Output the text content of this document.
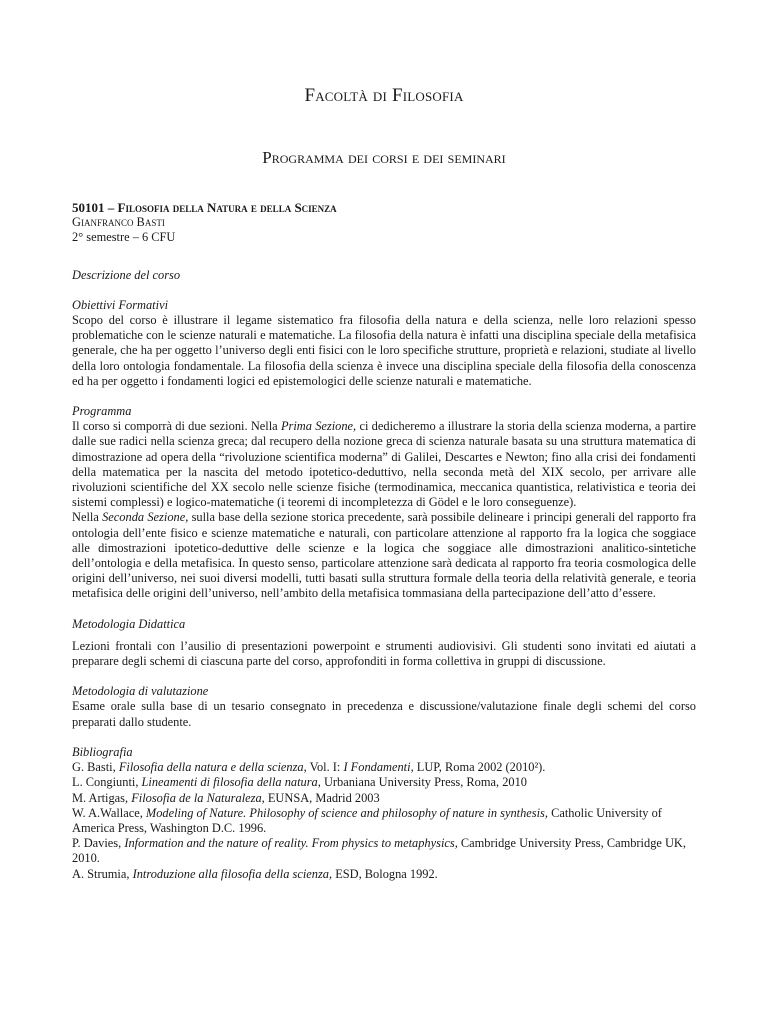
Facoltà di Filosofia
Programma dei corsi e dei seminari
50101 – Filosofia della Natura e della Scienza
Gianfranco Basti
2° semestre – 6 CFU
Descrizione del corso
Obiettivi Formativi

Scopo del corso è illustrare il legame sistematico fra filosofia della natura e della scienza, nelle loro relazioni spesso problematiche con le scienze naturali e matematiche. La filosofia della natura è infatti una disciplina speciale della metafisica generale, che ha per oggetto l’universo degli enti fisici con le loro specifiche strutture, proprietà e relazioni, studiate al livello della loro ontologia fondamentale. La filosofia della scienza è invece una disciplina speciale della filosofia della conoscenza ed ha per oggetto i fondamenti logici ed epistemologici delle scienze naturali e matematiche.

Programma

Il corso si comporrà di due sezioni. Nella Prima Sezione, ci dedicheremo a illustrare la storia della scienza moderna, a partire dalle sue radici nella scienza greca; dal recupero della nozione greca di scienza naturale basata su una struttura matematica di dimostrazione ad opera della “rivoluzione scientifica moderna” di Galilei, Descartes e Newton; fino alla crisi dei fondamenti della matematica per la nascita del metodo ipotetico-deduttivo, nella seconda metà del XIX secolo, per arrivare alle rivoluzioni scientifiche del XX secolo nelle scienze fisiche (termodinamica, meccanica quantistica, relativistica e teoria dei sistemi complessi) e logico-matematiche (i teoremi di incompletezza di Gödel e le loro conseguenze).

Nella Seconda Sezione, sulla base della sezione storica precedente, sarà possibile delineare i principi generali del rapporto fra ontologia dell’ente fisico e scienze matematiche e naturali, con particolare attenzione al rapporto fra la logica che soggiace alle dimostrazioni ipotetico-deduttive delle scienze e la logica che soggiace alle dimostrazioni analitico-sintetiche dell’ontologia e della metafisica. In questo senso, particolare attenzione sarà dedicata al rapporto fra teoria cosmologica delle origini dell’universo, nei suoi diversi modelli, tutti basati sulla struttura formale della teoria della relatività generale, e teoria metafisica delle origini dell’universo, nell’ambito della metafisica tommasiana della partecipazione dell’atto d’essere.

Metodologia Didattica

Lezioni frontali con l’ausilio di presentazioni powerpoint e strumenti audiovisivi. Gli studenti sono invitati ed aiutati a preparare degli schemi di ciascuna parte del corso, approfonditi in forma collettiva in gruppi di discussione.

Metodologia di valutazione

Esame orale sulla base di un tesario consegnato in precedenza e discussione/valutazione finale degli schemi del corso preparati dallo studente.

Bibliografia

G. Basti, Filosofia della natura e della scienza, Vol. I: I Fondamenti, LUP, Roma 2002 (2010²).

L. Congiunti, Lineamenti di filosofia della natura, Urbaniana University Press, Roma, 2010

M. Artigas, Filosofia de la Naturaleza, EUNSA, Madrid 2003

W. A.Wallace, Modeling of Nature. Philosophy of science and philosophy of nature in synthesis, Catholic University of America Press, Washington D.C. 1996.

P. Davies, Information and the nature of reality. From physics to metaphysics, Cambridge University Press, Cambridge UK, 2010.

A. Strumia, Introduzione alla filosofia della scienza, ESD, Bologna 1992.
